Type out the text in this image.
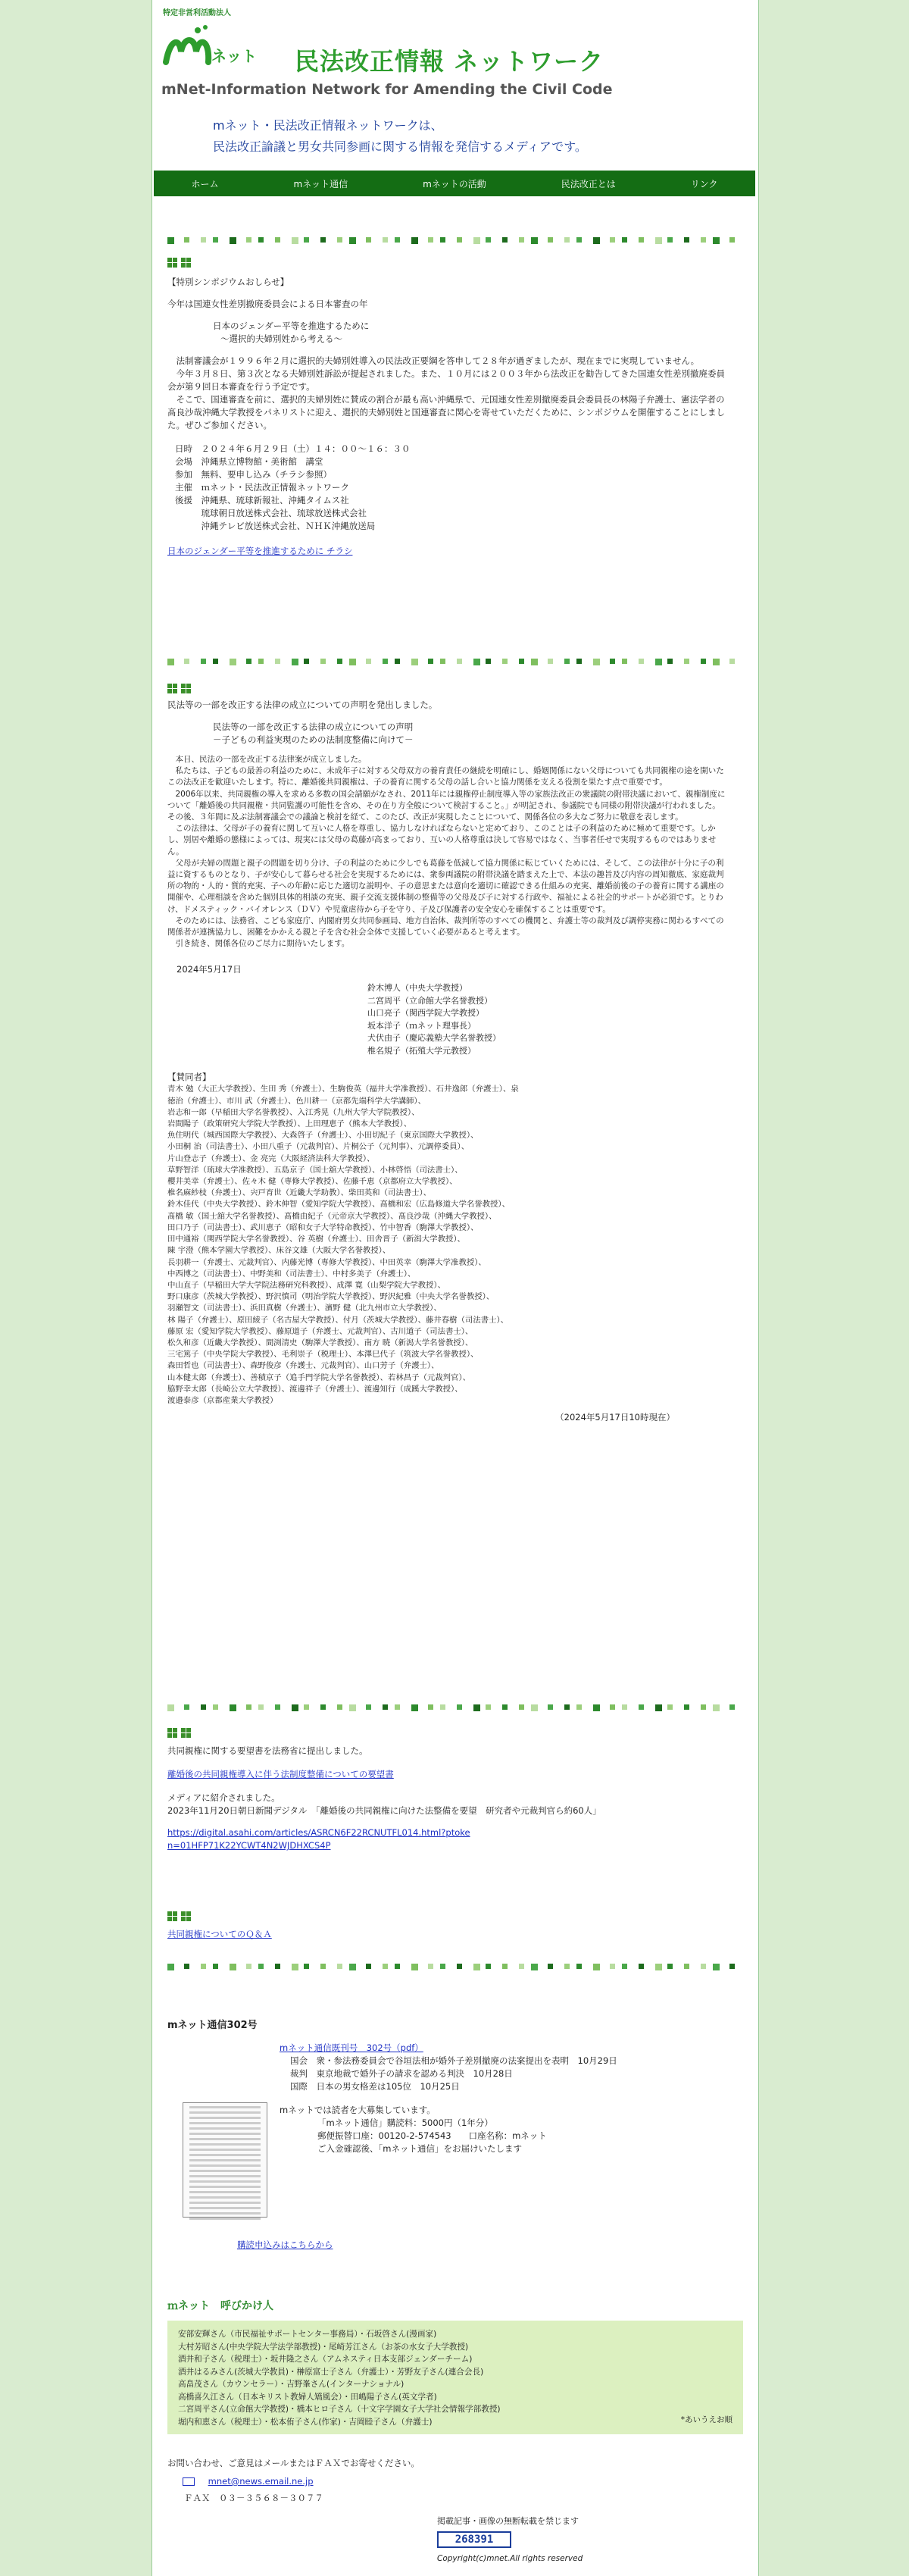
特定非営利活動法人
ネット 民法改正情報 ネットワーク
mNet-Information Network for Amending the Civil Code
mネット・民法改正情報ネットワークは、
民法改正論議と男女共同参画に関する情報を発信するメディアです。
ホーム	mネット通信	mネットの活動	民法改正とは	リンク
【特別シンポジウムおしらせ】
今年は国連女性差別撤廃委員会による日本審査の年
日本のジェンダー平等を推進するために
～選択的夫婦別姓から考える～
　法制審議会が１９９６年２月に選択的夫婦別姓導入の民法改正要綱を答申して２８年が過ぎましたが、現在までに実現していません。
　今年３月８日、第３次となる夫婦別姓訴訟が提起されました。また、１０月には２００３年から法改正を勧告してきた国連女性差別撤廃委員会が第９回日本審査を行う予定です。
　そこで、国連審査を前に、選択的夫婦別姓に賛成の割合が最も高い沖縄県で、元国連女性差別撤廃委員会委員長の林陽子弁護士、憲法学者の髙良沙哉沖縄大学教授をパネリストに迎え、選択的夫婦別姓と国連審査に関心を寄せていただくために、シンポジウムを開催することにしました。ぜひご参加ください。
日時　２０２４年６月２９日（土）１４：００～１６：３０
会場　沖縄県立博物館・美術館　講堂
参加　無料、要申し込み（チラシ参照）
主催　ｍネット・民法改正情報ネットワーク
後援　沖縄県、琉球新報社、沖縄タイムス社
　　　琉球朝日放送株式会社、琉球放送株式会社
　　　沖縄テレビ放送株式会社、ＮＨＫ沖縄放送局
日本のジェンダー平等を推進するために チラシ
民法等の一部を改正する法律の成立についての声明を発出しました。
民法等の一部を改正する法律の成立についての声明
－子どもの利益実現のための法制度整備に向けて－
　本日、民法の一部を改正する法律案が成立しました。
　私たちは、子どもの最善の利益のために、未成年子に対する父母双方の養育責任の継続を明確にし、婚姻関係にない父母についても共同親権の途を開いたこの法改正を歓迎いたします。特に、離婚後共同親権は、子の養育に関する父母の話し合いと協力関係を支える役割を果たす点で重要です。
　2006年以来、共同親権の導入を求める多数の国会請願がなされ、2011年には親権停止制度導入等の家族法改正の衆議院の附帯決議において、親権制度について「離婚後の共同親権・共同監護の可能性を含め、その在り方全般について検討すること。」が明記され、参議院でも同様の附帯決議が行われました。その後、３年間に及ぶ法制審議会での議論と検討を経て、このたび、改正が実現したことについて、関係各位の多大なご努力に敬意を表します。
　この法律は、父母が子の養育に関して互いに人格を尊重し、協力しなければならないと定めており、このことは子の利益のために極めて重要です。しかし、別居や離婚の態様によっては、現実には父母の葛藤が高まっており、互いの人格尊重は決して容易ではなく、当事者任せで実現するものではありません。
　父母が夫婦の問題と親子の問題を切り分け、子の利益のために少しでも葛藤を低減して協力関係に転じていくためには、そして、この法律が十分に子の利益に資するものとなり、子が安心して暮らせる社会を実現するためには、衆参両議院の附帯決議を踏まえた上で、本法の趣旨及び内容の周知徹底、家庭裁判所の物的・人的・質的充実、子への年齢に応じた適切な説明や、子の意思または意向を適切に確認できる仕組みの充実、離婚前後の子の養育に関する講座の開催や、心理相談を含めた個別具体的相談の充実、親子交流支援体制の整備等の父母及び子に対する行政や、福祉による社会的サポートが必須です。とりわけ、ドメスティック・バイオレンス（ＤＶ）や児童虐待から子を守り、子及び保護者の安全安心を確保することは重要です。
　そのためには、法務省、こども家庭庁、内閣府男女共同参画局、地方自治体、裁判所等のすべての機関と、弁護士等の裁判及び調停実務に関わるすべての関係者が連携協力し、困難をかかえる親と子を含む社会全体で支援していく必要があると考えます。
　引き続き、関係各位のご尽力に期待いたします。
2024年5月17日
鈴木博人（中央大学教授）
二宮周平（立命館大学名誉教授）
山口亮子（関西学院大学教授）
坂本洋子（ｍネット理事長）
犬伏由子（慶応義塾大学名誉教授）
椎名規子（拓殖大学元教授）
【賛同者】
青木 勉（大正大学教授）、生田 秀（弁護士）、生駒俊英（福井大学准教授）、石井逸郎（弁護士）、泉
徳治（弁護士）、市川 武（弁護士）、色川耕一（京都先端科学大学講師）、
岩志和一郎（早稲田大学名誉教授）、入江秀晃（九州大学大学院教授）、
岩間陽子（政策研究大学院大学教授）、上田理恵子（熊本大学教授）、
魚住明代（城西国際大学教授）、大森啓子（弁護士）、小田切紀子（東京国際大学教授）、
小田桐 治（司法書士）、小田八重子（元裁判官）、片桐公子（元判事）、元調停委員）、
片山登志子（弁護士）、金 亮完（大阪経済法科大学教授）、
草野智洋（琉球大学准教授）、五島京子（国士舘大学教授）、小林啓悟（司法書士）、
櫻井美幸（弁護士）、佐々木 健（専修大学教授）、佐藤千恵（京都府立大学教授）、
椎名麻紗枝（弁護士）、宍戸育世（近畿大学助教）、柴田英和（司法書士）、
鈴木佳代（中央大学教授）、鈴木伸智（愛知学院大学教授）、髙橋和宏（広島修道大学名誉教授）、
髙橋 敏（国士舘大学名誉教授）、髙橋由紀子（元帝京大学教授）、髙良沙哉（沖縄大学教授）、
田口乃子（司法書士）、武川恵子（昭和女子大学特命教授）、竹中智香（駒澤大学教授）、
田中通裕（関西学院大学名誉教授）、谷 英樹（弁護士）、田舎晋子（新潟大学教授）、
陳 宇澄（熊本学園大学教授）、床谷文雄（大阪大学名誉教授）、
長羽耕一（弁護士、元裁判官）、内藤光博（専修大学教授）、中田英幸（駒澤大学准教授）、
中西博之（司法書士）、中野美和（司法書士）、中村多美子（弁護士）、
中山直子（早稲田大学大学院法務研究科教授）、成澤 寛（山梨学院大学教授）、
野口康彦（茨城大学教授）、野沢慎司（明治学院大学教授）、野沢紀雅（中央大学名誉教授）、
羽瀬智文（司法書士）、浜田真樹（弁護士）、濱野 健（北九州市立大学教授）、
林 陽子（弁護士）、原田綾子（名古屋大学教授）、付月（茨城大学教授）、藤井春樹（司法書士）、
藤原 宏（愛知学院大学教授）、藤原道子（弁護士、元裁判官）、古川道子（司法書士）、
松久和彦（近畿大学教授）、間渕清史（駒澤大学教授）、南方 暁（新潟大学名誉教授）、
三宅篤子（中央学院大学教授）、毛利崇子（税理士）、本澤巳代子（筑波大学名誉教授）、
森田哲也（司法書士）、森野俊彦（弁護士、元裁判官）、山口芳子（弁護士）、
山本健太郎（弁護士）、善積京子（追手門学院大学名誉教授）、若林昌子（元裁判官）、
脇野幸太郎（長崎公立大学教授）、渡邊祥子（弁護士）、渡邊知行（成蹊大学教授）、
渡邉泰彦（京都産業大学教授）
（2024年5月17日10時現在）
共同親権に関する要望書を法務省に提出しました。
離婚後の共同親権導入に伴う法制度整備についての要望書
メディアに紹介されました。
2023年11月20日朝日新聞デジタル　「離婚後の共同親権に向けた法整備を要望　研究者や元裁判官ら約60人」
https://digital.asahi.com/articles/ASRCN6F22RCNUTFL014.html?ptoken=01HFP71K22YCWT4N2WJDHXCS4P
共同親権についてのＱ＆Ａ
mネット通信302号
mネット通信既刊号　302号（pdf）
国会　衆・参法務委員会で谷垣法相が婚外子差別撤廃の法案提出を表明　10月29日
裁判　東京地裁で婚外子の請求を認める判決　10月28日
国際　日本の男女格差は105位　10月25日
mネットでは読者を大募集しています。
「mネット通信」購読料：5000円（1年分）
郵便振替口座：00120-2-574543　　口座名称：mネット
ご入金確認後、「mネット通信」をお届けいたします
購読申込みはこちらから
ｍネット　呼びかけ人
安部安輝さん（市民福祉サポートセンター事務局）・石坂啓さん(漫画家)
大村芳昭さん(中央学院大学法学部教授)・尾崎芳江さん（お茶の水女子大学教授)
酒井和子さん（税理士）・坂井隆之さん（アムネスティ日本支部ジェンダーチーム)
酒井はるみさん(茨城大学教員)・榊原富士子さん（弁護士）・芳野友子さん(連合会長)
高畠茂さん（カウンセラー）・吉野峯さん(インターナショナル)
高橋喜久江さん（日本キリスト教婦人矯風会）・田嶋陽子さん(英文学者)
二宮周平さん(立命館大学教授)・橋本ヒロ子さん（十文字学園女子大学社会情報学部教授)
堀内和恵さん（税理士）・松本侑子さん(作家)・吉岡睦子さん（弁護士)	*あいうえお順
お問い合わせ、ご意見はメールまたはＦＡＸでお寄せください。
mnet@news.email.ne.jp
ＦＡＸ　０３－３５６８－３０７７
掲載記事・画像の無断転載を禁じます
268391
Copyright(c)mnet.All rights reserved
